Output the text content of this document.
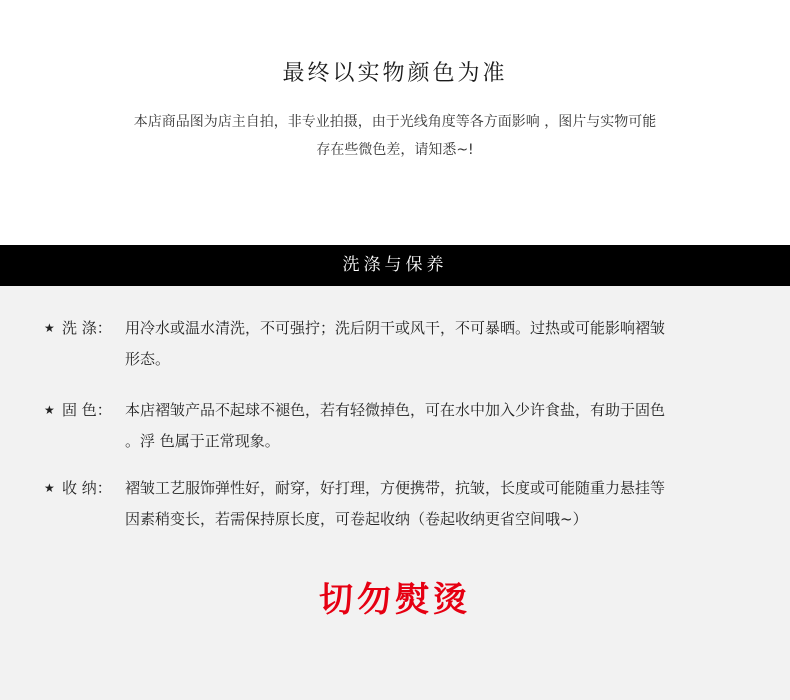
最终以实物颜色为准
本店商品图为店主自拍，非专业拍摄，由于光线角度等各方面影响 ，图片与实物可能
存在些微色差，请知悉~!
洗涤与保养
★ 洗 涤： 用冷水或温水清洗，不可强拧；洗后阴干或风干，不可暴晒。过热或可能影响褶皱
形态。
★ 固 色： 本店褶皱产品不起球不褪色，若有轻微掉色，可在水中加入少许食盐，有助于固色
。浮 色属于正常现象。
★ 收 纳： 褶皱工艺服饰弹性好，耐穿，好打理，方便携带，抗皱，长度或可能随重力悬挂等
因素稍变长，若需保持原长度，可卷起收纳（卷起收纳更省空间哦~）
切勿熨烫
